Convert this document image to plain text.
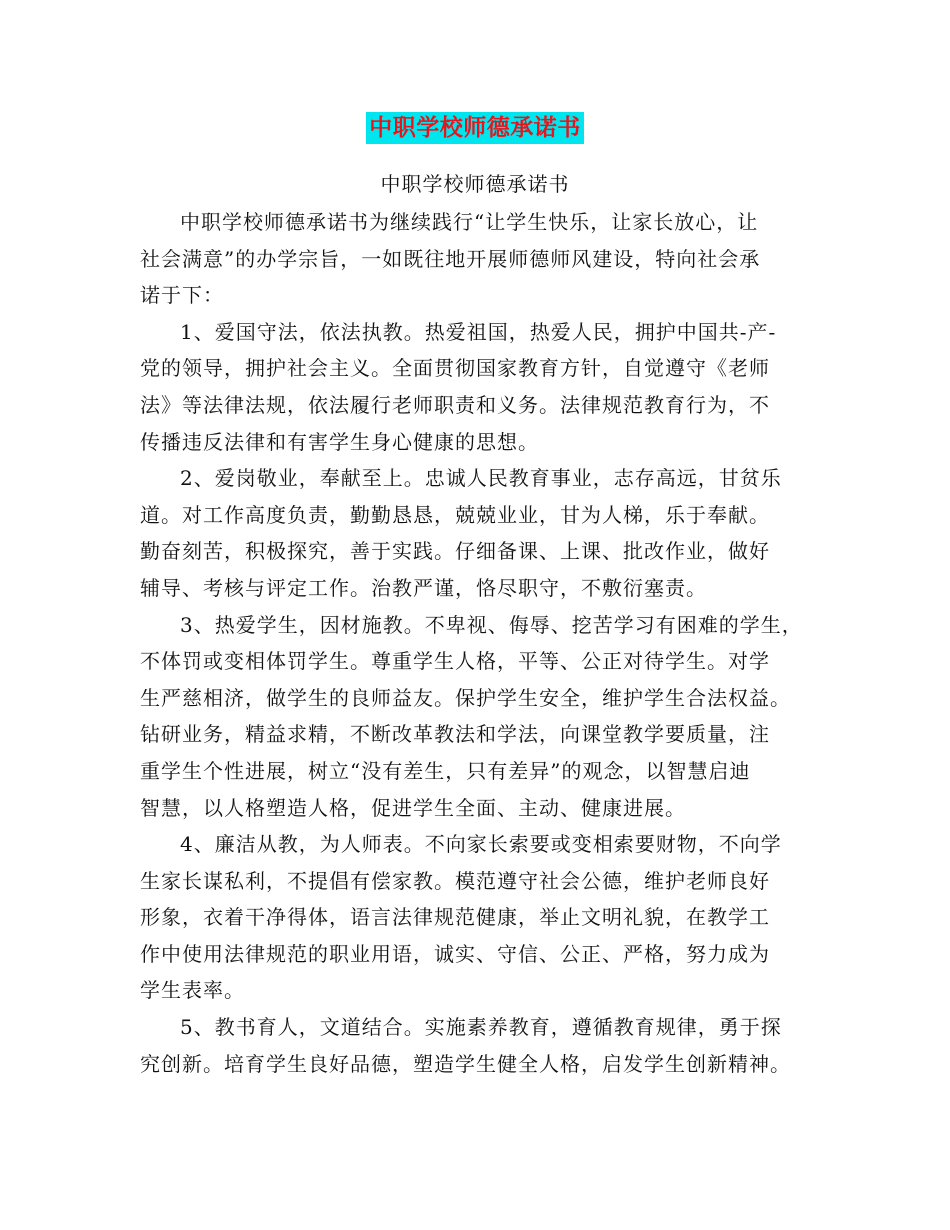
中职学校师德承诺书
中职学校师德承诺书
中职学校师德承诺书为继续践行“让学生快乐，让家长放心，让
社会满意”的办学宗旨，一如既往地开展师德师风建设，特向社会承
诺于下：
1、爱国守法，依法执教。热爱祖国，热爱人民，拥护中国共-产-
党的领导，拥护社会主义。全面贯彻国家教育方针，自觉遵守《老师
法》等法律法规，依法履行老师职责和义务。法律规范教育行为，不
传播违反法律和有害学生身心健康的思想。
2、爱岗敬业，奉献至上。忠诚人民教育事业，志存高远，甘贫乐
道。对工作高度负责，勤勤恳恳，兢兢业业，甘为人梯，乐于奉献。
勤奋刻苦，积极探究，善于实践。仔细备课、上课、批改作业，做好
辅导、考核与评定工作。治教严谨，恪尽职守，不敷衍塞责。
3、热爱学生，因材施教。不卑视、侮辱、挖苦学习有困难的学生，
不体罚或变相体罚学生。尊重学生人格，平等、公正对待学生。对学
生严慈相济，做学生的良师益友。保护学生安全，维护学生合法权益。
钻研业务，精益求精，不断改革教法和学法，向课堂教学要质量，注
重学生个性进展，树立“没有差生，只有差异”的观念，以智慧启迪
智慧，以人格塑造人格，促进学生全面、主动、健康进展。
4、廉洁从教，为人师表。不向家长索要或变相索要财物，不向学
生家长谋私利，不提倡有偿家教。模范遵守社会公德，维护老师良好
形象，衣着干净得体，语言法律规范健康，举止文明礼貌，在教学工
作中使用法律规范的职业用语，诚实、守信、公正、严格，努力成为
学生表率。
5、教书育人，文道结合。实施素养教育，遵循教育规律，勇于探
究创新。培育学生良好品德，塑造学生健全人格，启发学生创新精神。
